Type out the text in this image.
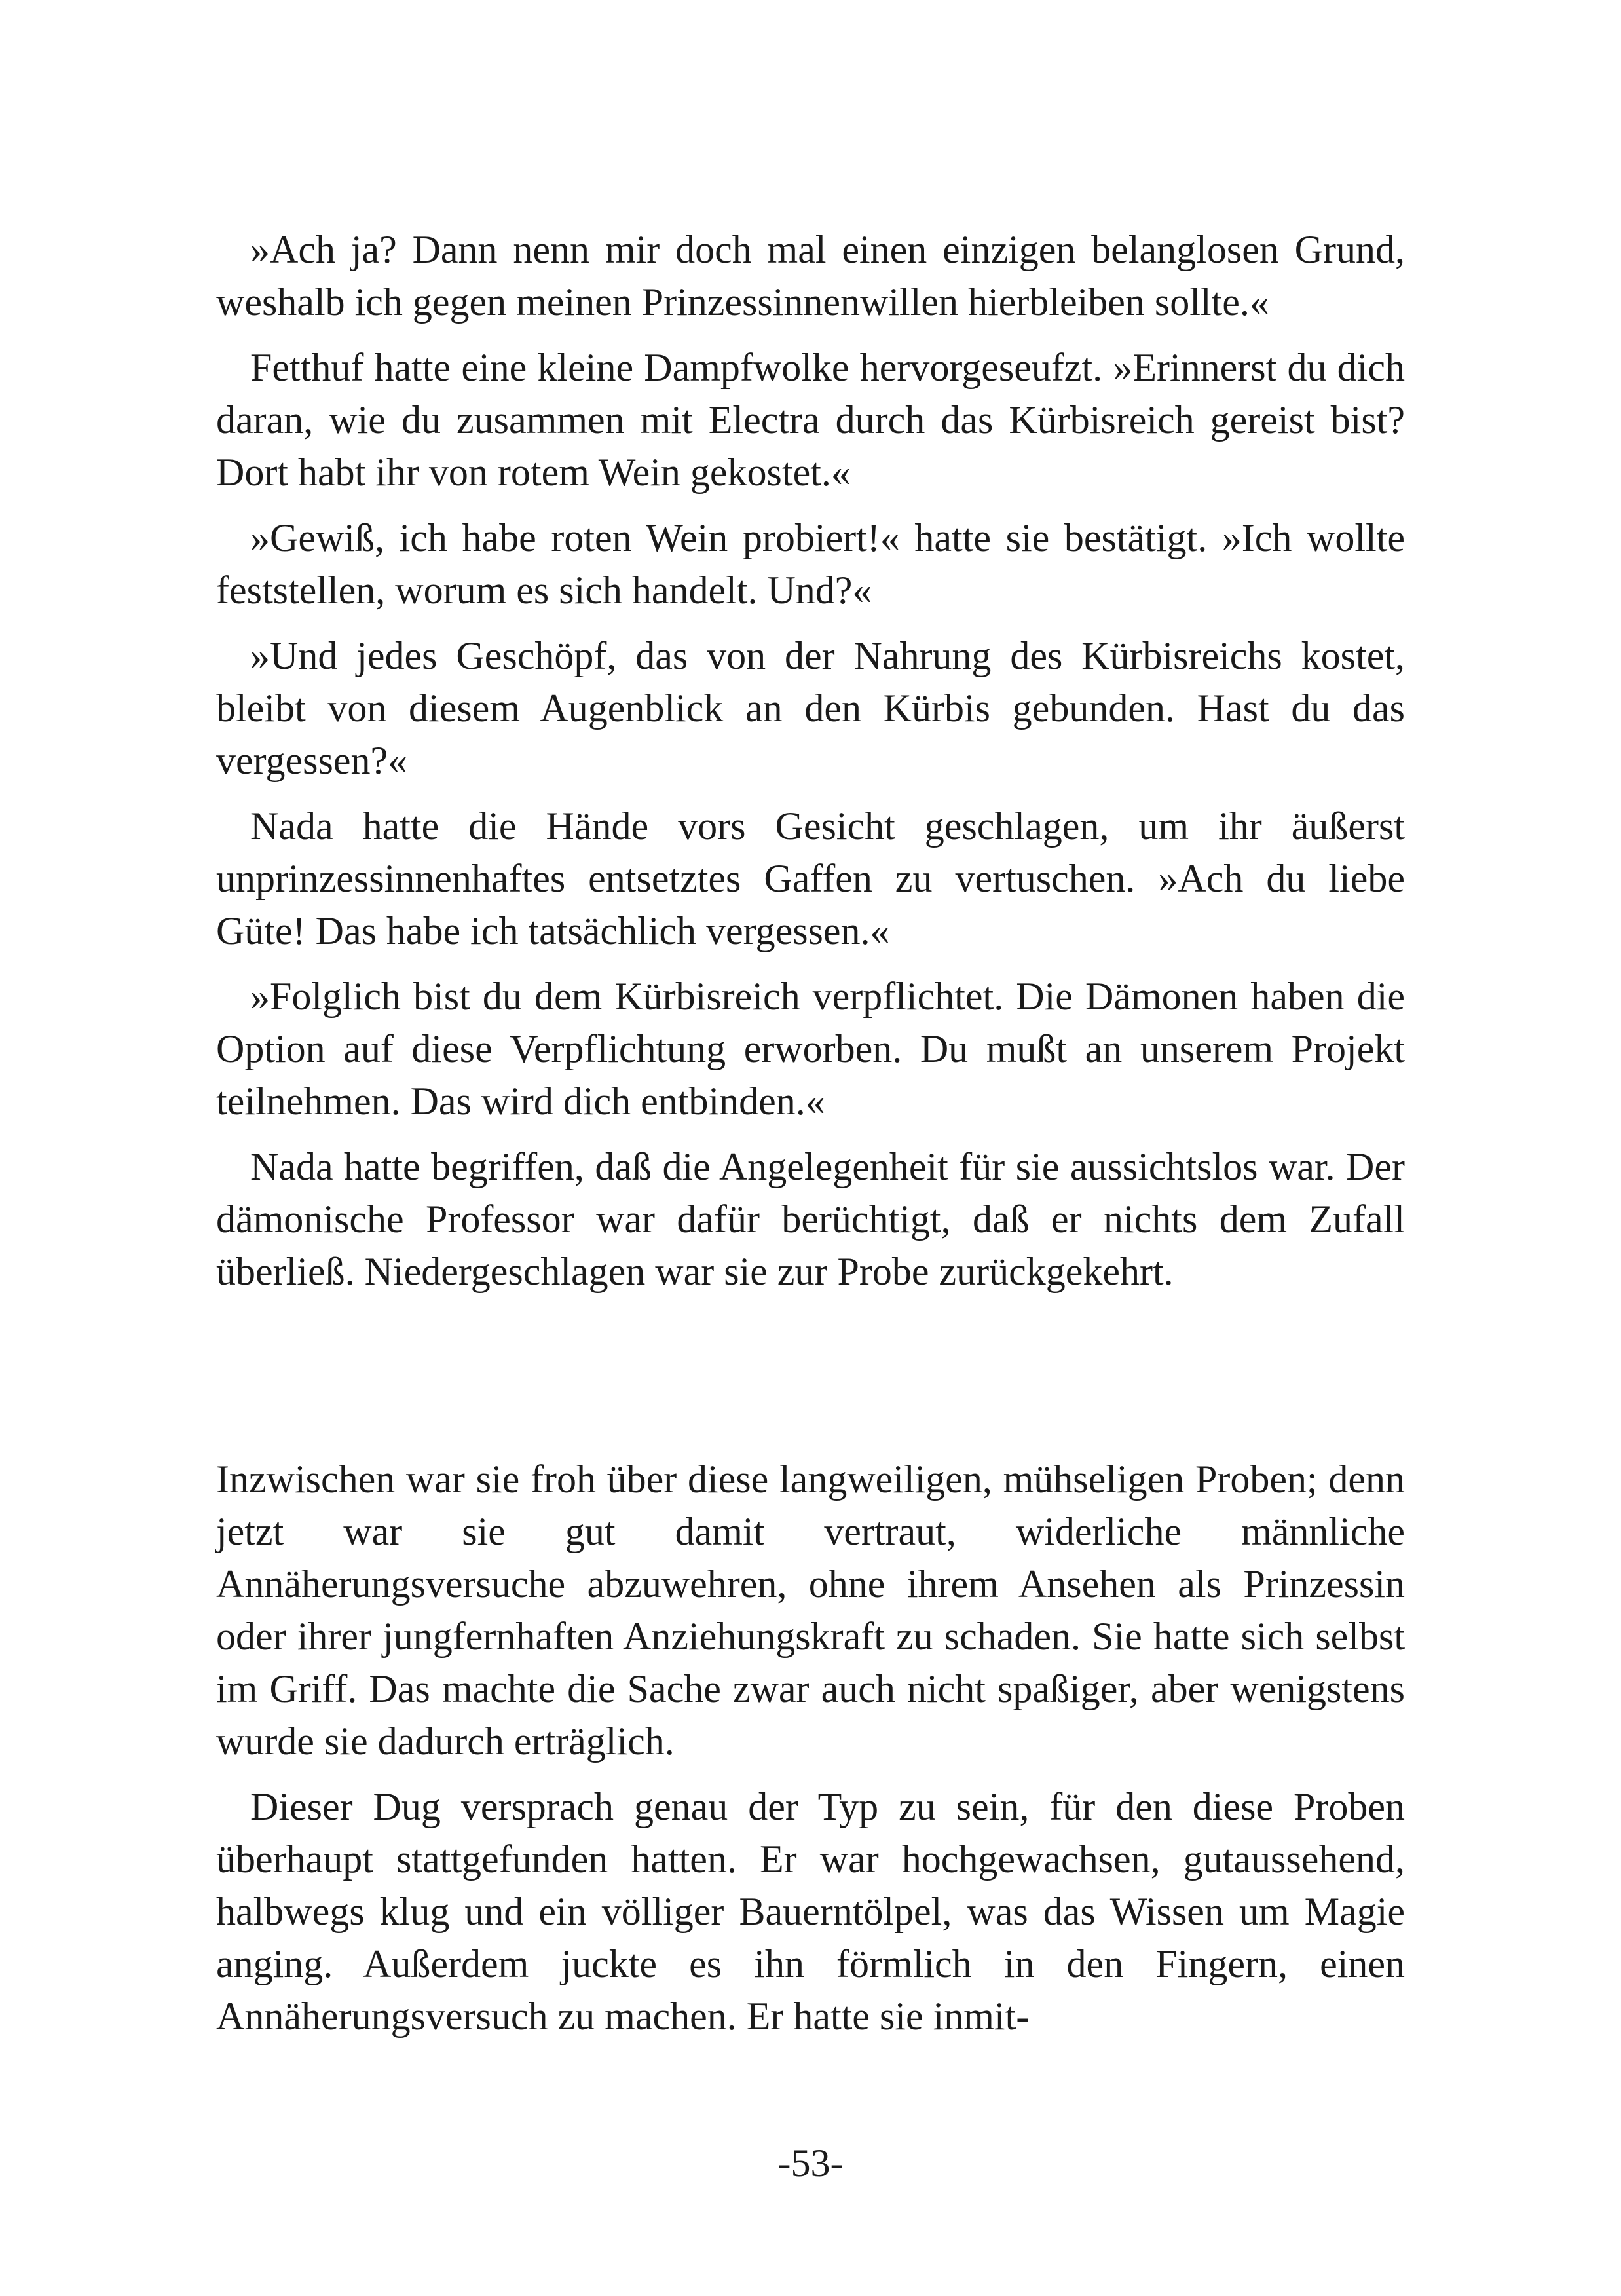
»Ach ja? Dann nenn mir doch mal einen einzigen belanglosen Grund, weshalb ich gegen meinen Prinzessinnenwillen hierbleiben sollte.«

Fetthuf hatte eine kleine Dampfwolke hervorgeseufzt. »Erinnerst du dich daran, wie du zusammen mit Electra durch das Kürbisreich gereist bist? Dort habt ihr von rotem Wein gekostet.«

»Gewiß, ich habe roten Wein probiert!« hatte sie bestätigt. »Ich wollte feststellen, worum es sich handelt. Und?«

»Und jedes Geschöpf, das von der Nahrung des Kürbisreichs kostet, bleibt von diesem Augenblick an den Kürbis gebunden. Hast du das vergessen?«

Nada hatte die Hände vors Gesicht geschlagen, um ihr äußerst unprinzessinnenhaftes entsetztes Gaffen zu vertuschen. »Ach du liebe Güte! Das habe ich tatsächlich vergessen.«

»Folglich bist du dem Kürbisreich verpflichtet. Die Dämonen haben die Option auf diese Verpflichtung erworben. Du mußt an unserem Projekt teilnehmen. Das wird dich entbinden.«

Nada hatte begriffen, daß die Angelegenheit für sie aussichtslos war. Der dämonische Professor war dafür berüchtigt, daß er nichts dem Zufall überließ. Niedergeschlagen war sie zur Probe zurückgekehrt.

Inzwischen war sie froh über diese langweiligen, mühseligen Proben; denn jetzt war sie gut damit vertraut, widerliche männliche Annäherungsversuche abzuwehren, ohne ihrem Ansehen als Prinzessin oder ihrer jungfernhaften Anziehungskraft zu schaden. Sie hatte sich selbst im Griff. Das machte die Sache zwar auch nicht spaßiger, aber wenigstens wurde sie dadurch erträglich.

Dieser Dug versprach genau der Typ zu sein, für den diese Proben überhaupt stattgefunden hatten. Er war hochgewachsen, gutaussehend, halbwegs klug und ein völliger Bauerntölpel, was das Wissen um Magie anging. Außerdem juckte es ihn förmlich in den Fingern, einen Annäherungsversuch zu machen. Er hatte sie inmit-

-53-
